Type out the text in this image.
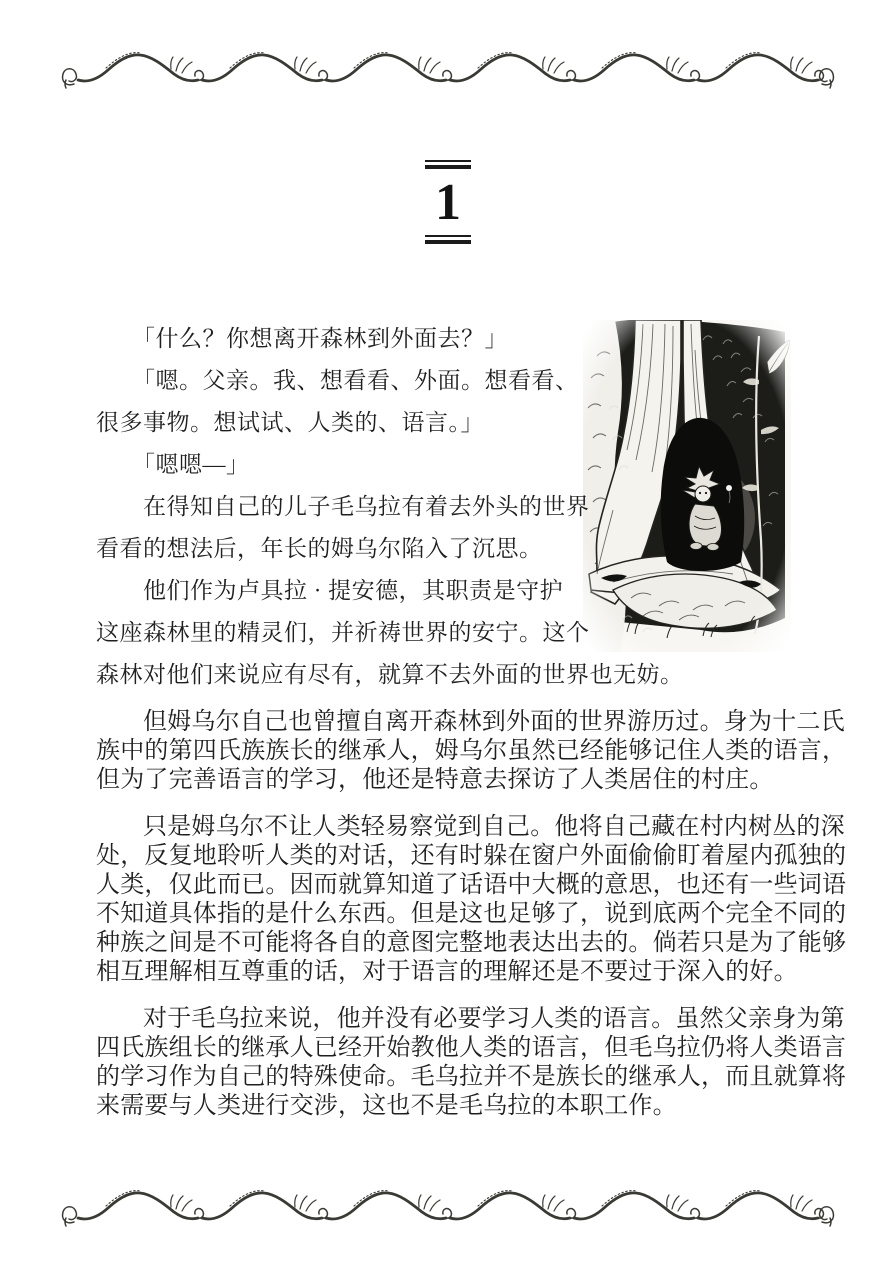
1

「什么？你想离开森林到外面去？」

「嗯。父亲。我、想看看、外面。想看看、

很多事物。想试试、人类的、语言。」

「嗯嗯—」

在得知自己的儿子毛乌拉有着去外头的世界

看看的想法后，年长的姆乌尔陷入了沉思。

他们作为卢具拉 · 提安德，其职责是守护

这座森林里的精灵们，并祈祷世界的安宁。这个

森林对他们来说应有尽有，就算不去外面的世界也无妨。

但姆乌尔自己也曾擅自离开森林到外面的世界游历过。身为十二氏

族中的第四氏族族长的继承人，姆乌尔虽然已经能够记住人类的语言，

但为了完善语言的学习，他还是特意去探访了人类居住的村庄。

只是姆乌尔不让人类轻易察觉到自己。他将自己藏在村内树丛的深

处，反复地聆听人类的对话，还有时躲在窗户外面偷偷盯着屋内孤独的

人类，仅此而已。因而就算知道了话语中大概的意思，也还有一些词语

不知道具体指的是什么东西。但是这也足够了，说到底两个完全不同的

种族之间是不可能将各自的意图完整地表达出去的。倘若只是为了能够

相互理解相互尊重的话，对于语言的理解还是不要过于深入的好。

对于毛乌拉来说，他并没有必要学习人类的语言。虽然父亲身为第

四氏族组长的继承人已经开始教他人类的语言，但毛乌拉仍将人类语言

的学习作为自己的特殊使命。毛乌拉并不是族长的继承人，而且就算将

来需要与人类进行交涉，这也不是毛乌拉的本职工作。
